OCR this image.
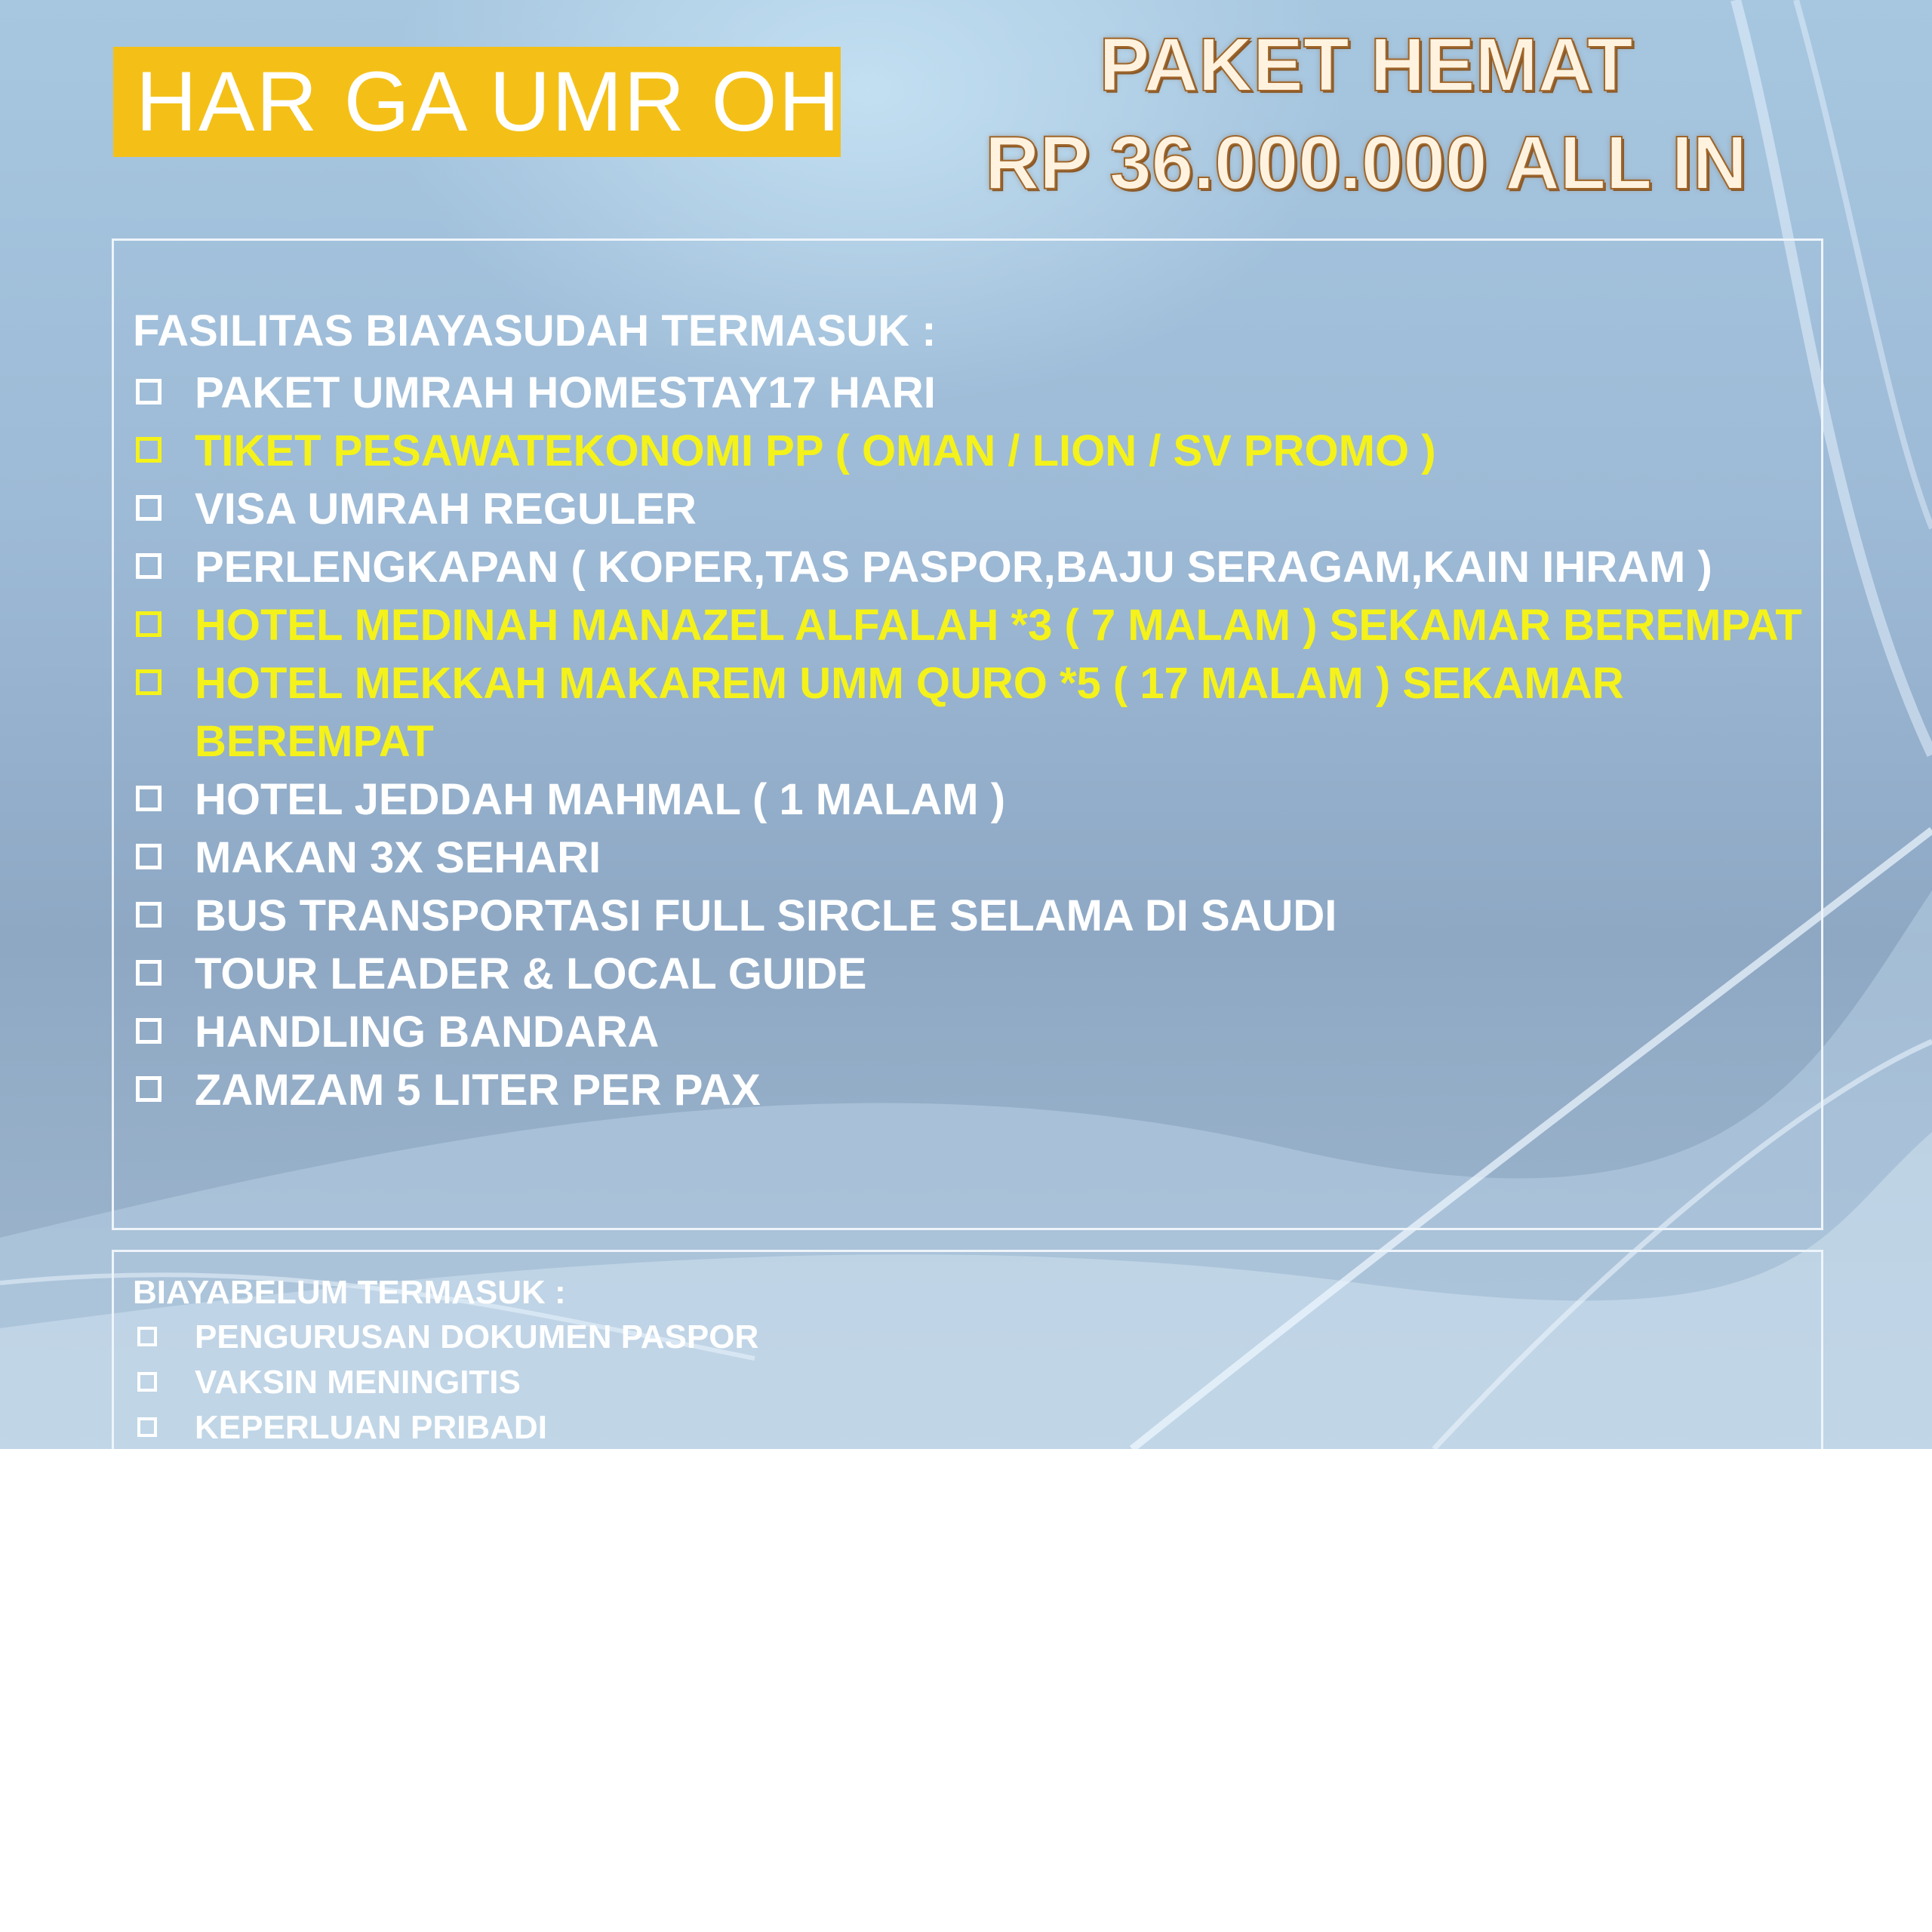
HAR GA UMR OH	PAKET HEMAT
RP 36.000.000 ALL IN
FASILITAS BIAYASUDAH TERMASUK :
PAKET UMRAH HOMESTAY17 HARI
TIKET PESAWATEKONOMI PP ( OMAN / LION / SV PROMO )
VISA UMRAH REGULER
PERLENGKAPAN ( KOPER,TAS PASPOR,BAJU SERAGAM,KAIN IHRAM )
HOTEL MEDINAH MANAZEL ALFALAH *3 ( 7 MALAM ) SEKAMAR BEREMPAT
HOTEL MEKKAH MAKAREM UMM QURO *5 ( 17 MALAM ) SEKAMAR BEREMPAT
HOTEL JEDDAH MAHMAL ( 1 MALAM )
MAKAN 3X SEHARI
BUS TRANSPORTASI FULL SIRCLE SELAMA DI SAUDI
TOUR LEADER & LOCAL GUIDE
HANDLING BANDARA
ZAMZAM 5 LITER PER PAX
BIAYABELUM TERMASUK :
PENGURUSAN DOKUMEN PASPOR
VAKSIN MENINGITIS
KEPERLUAN PRIBADI
